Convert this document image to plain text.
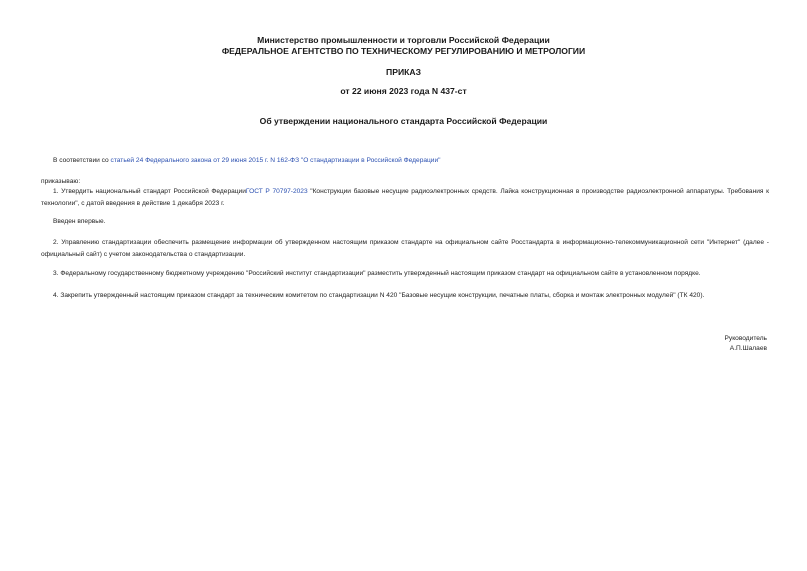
Министерство промышленности и торговли Российской Федерации
ФЕДЕРАЛЬНОЕ АГЕНТСТВО ПО ТЕХНИЧЕСКОМУ РЕГУЛИРОВАНИЮ И МЕТРОЛОГИИ
ПРИКАЗ
от 22 июня 2023 года N 437-ст
Об утверждении национального стандарта Российской Федерации
В соответствии со статьей 24 Федерального закона от 29 июня 2015 г. N 162-ФЗ "О стандартизации в Российской Федерации"
приказываю:
1. Утвердить национальный стандарт Российской ФедерацииГОСТ Р 70797-2023 "Конструкции базовые несущие радиоэлектронных средств. Лайка конструкционная в производстве радиоэлектронной аппаратуры. Требования к технологии", с датой введения в действие 1 декабря 2023 г.
Введен впервые.
2. Управлению стандартизации обеспечить размещение информации об утвержденном настоящим приказом стандарте на официальном сайте Росстандарта в информационно-телекоммуникационной сети "Интернет" (далее - официальный сайт) с учетом законодательства о стандартизации.
3. Федеральному государственному бюджетному учреждению "Российский институт стандартизации" разместить утвержденный настоящим приказом стандарт на официальном сайте в установленном порядке.
4. Закрепить утвержденный настоящим приказом стандарт за техническим комитетом по стандартизации N 420 "Базовые несущие конструкции, печатные платы, сборка и монтаж электронных модулей" (ТК 420).
Руководитель
А.П.Шалаев
